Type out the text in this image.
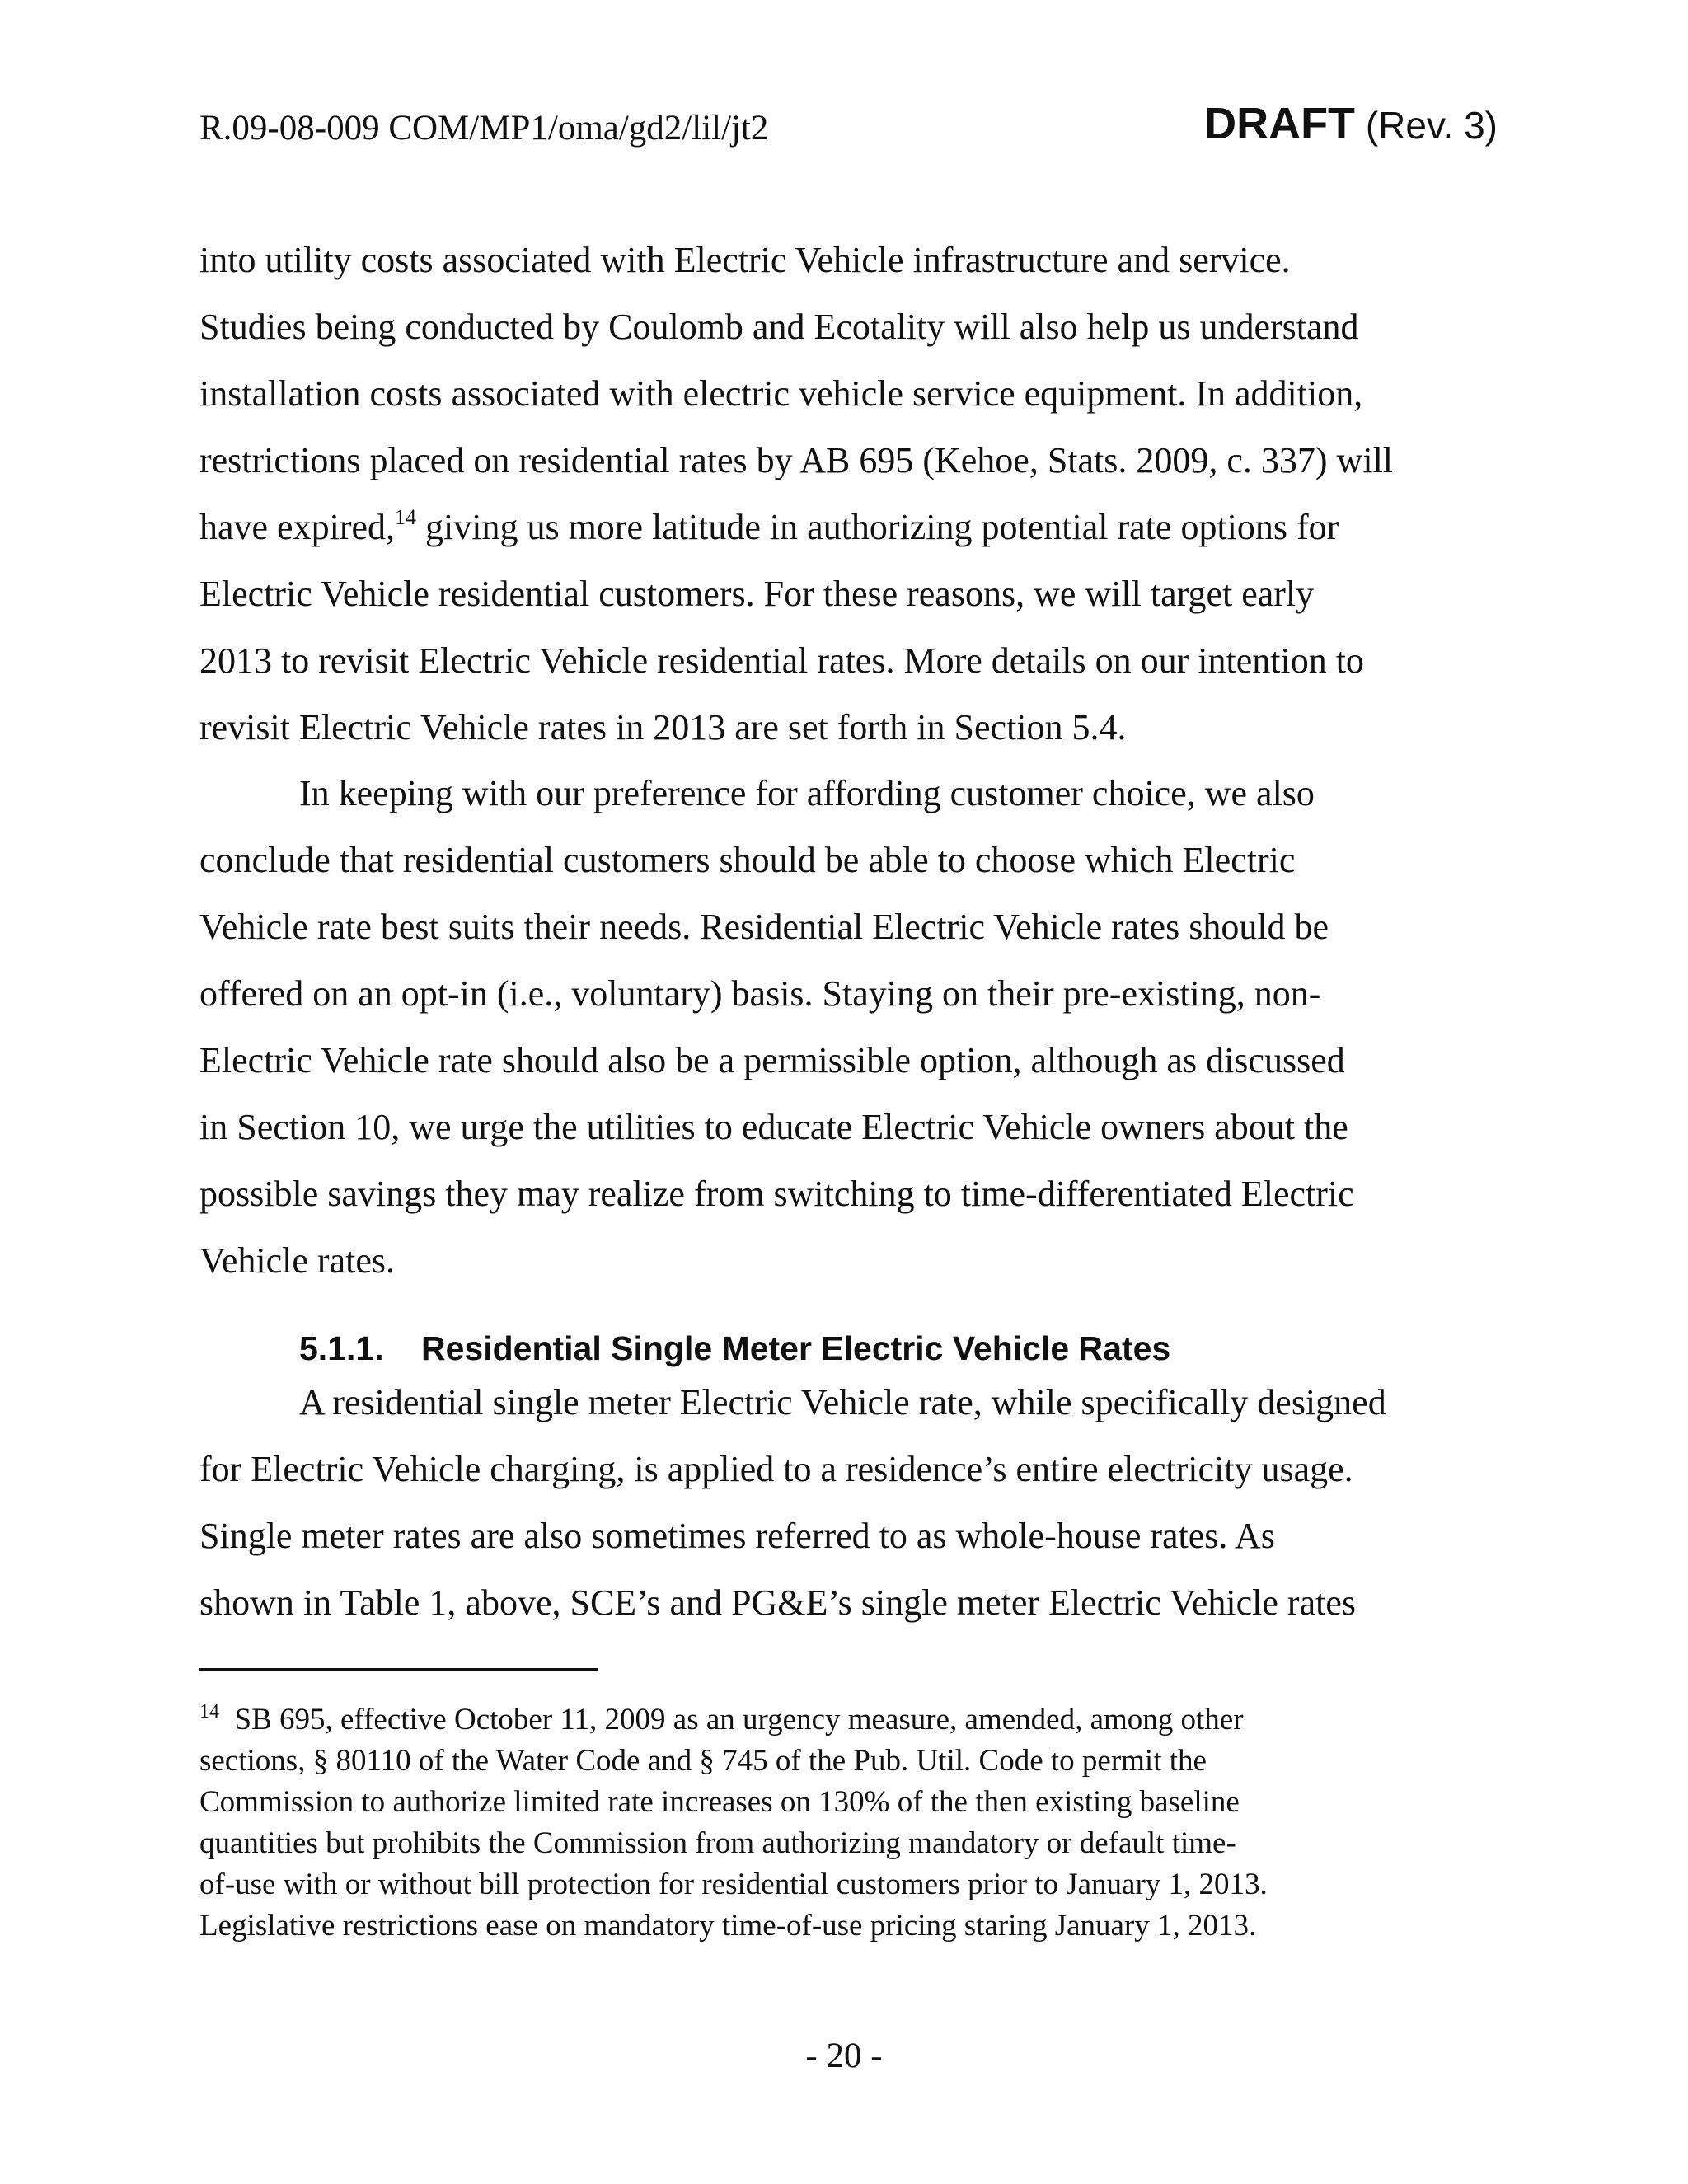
R.09-08-009 COM/MP1/oma/gd2/lil/jt2	DRAFT (Rev. 3)
into utility costs associated with Electric Vehicle infrastructure and service.
Studies being conducted by Coulomb and Ecotality will also help us understand
installation costs associated with electric vehicle service equipment. In addition,
restrictions placed on residential rates by AB 695 (Kehoe, Stats. 2009, c. 337) will
have expired,$^{14}$ giving us more latitude in authorizing potential rate options for
Electric Vehicle residential customers. For these reasons, we will target early
2013 to revisit Electric Vehicle residential rates. More details on our intention to
revisit Electric Vehicle rates in 2013 are set forth in Section 5.4.
In keeping with our preference for affording customer choice, we also
conclude that residential customers should be able to choose which Electric
Vehicle rate best suits their needs. Residential Electric Vehicle rates should be
offered on an opt-in (i.e., voluntary) basis. Staying on their pre-existing, non-
Electric Vehicle rate should also be a permissible option, although as discussed
in Section 10, we urge the utilities to educate Electric Vehicle owners about the
possible savings they may realize from switching to time-differentiated Electric
Vehicle rates.
5.1.1. Residential Single Meter Electric Vehicle Rates
A residential single meter Electric Vehicle rate, while specifically designed
for Electric Vehicle charging, is applied to a residence’s entire electricity usage.
Single meter rates are also sometimes referred to as whole-house rates. As
shown in Table 1, above, SCE’s and PG&E’s single meter Electric Vehicle rates
$^{14}$  SB 695, effective October 11, 2009 as an urgency measure, amended, among other
sections, § 80110 of the Water Code and § 745 of the Pub. Util. Code to permit the
Commission to authorize limited rate increases on 130% of the then existing baseline
quantities but prohibits the Commission from authorizing mandatory or default time-
of-use with or without bill protection for residential customers prior to January 1, 2013.
Legislative restrictions ease on mandatory time-of-use pricing staring January 1, 2013.
- 20 -
